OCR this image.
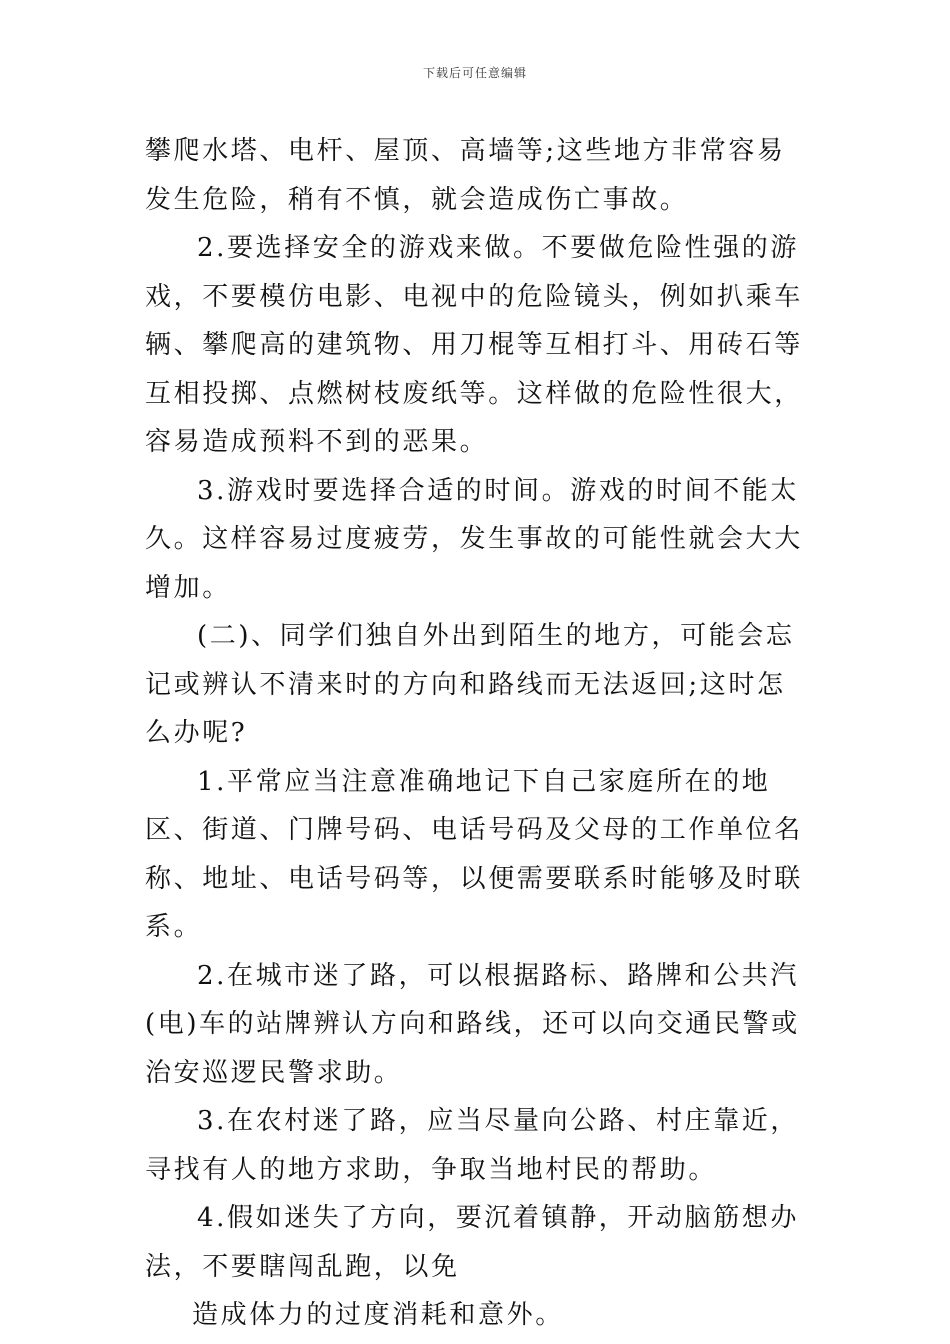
下载后可任意编辑

攀爬水塔、电杆、屋顶、高墙等;这些地方非常容易发生危险，稍有不慎，就会造成伤亡事故。

2.要选择安全的游戏来做。不要做危险性强的游戏，不要模仿电影、电视中的危险镜头，例如扒乘车辆、攀爬高的建筑物、用刀棍等互相打斗、用砖石等互相投掷、点燃树枝废纸等。这样做的危险性很大，容易造成预料不到的恶果。

3.游戏时要选择合适的时间。游戏的时间不能太久。这样容易过度疲劳，发生事故的可能性就会大大增加。

(二)、同学们独自外出到陌生的地方，可能会忘记或辨认不清来时的方向和路线而无法返回;这时怎么办呢?

1.平常应当注意准确地记下自己家庭所在的地区、街道、门牌号码、电话号码及父母的工作单位名称、地址、电话号码等，以便需要联系时能够及时联系。

2.在城市迷了路，可以根据路标、路牌和公共汽(电)车的站牌辨认方向和路线，还可以向交通民警或治安巡逻民警求助。

3.在农村迷了路，应当尽量向公路、村庄靠近，寻找有人的地方求助，争取当地村民的帮助。

4.假如迷失了方向，要沉着镇静，开动脑筋想办法，不要瞎闯乱跑，以免

造成体力的过度消耗和意外。
